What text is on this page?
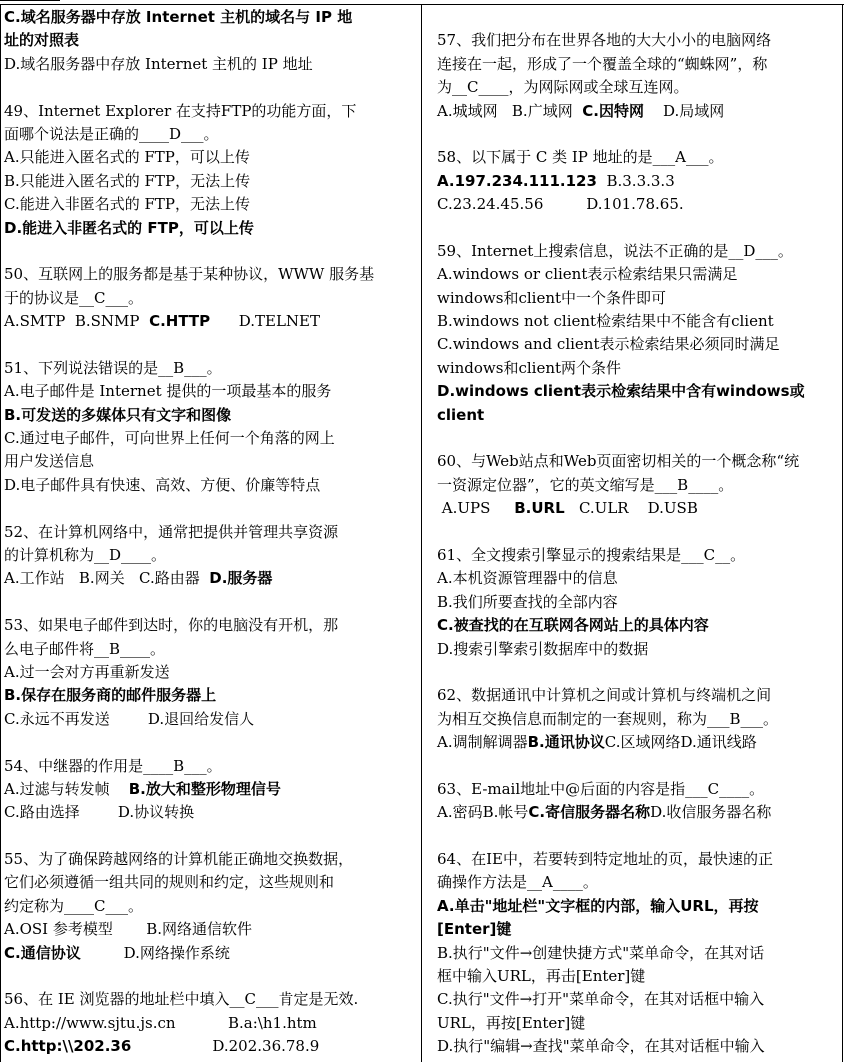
C.域名服务器中存放 Internet 主机的域名与 IP 地
址的对照表
D.域名服务器中存放 Internet 主机的 IP 地址
49、Internet Explorer 在支持FTP的功能方面，下
面哪个说法是正确的____D___。
A.只能进入匿名式的 FTP，可以上传
B.只能进入匿名式的 FTP，无法上传
C.能进入非匿名式的 FTP，无法上传
D.能进入非匿名式的 FTP，可以上传
50、互联网上的服务都是基于某种协议，WWW 服务基
于的协议是__C___。
A.SMTP  B.SNMP  C.HTTP      D.TELNET
51、下列说法错误的是__B___。
A.电子邮件是 Internet 提供的一项最基本的服务
B.可发送的多媒体只有文字和图像
C.通过电子邮件，可向世界上任何一个角落的网上
用户发送信息
D.电子邮件具有快速、高效、方便、价廉等特点
52、在计算机网络中，通常把提供并管理共享资源
的计算机称为__D____。
A.工作站   B.网关   C.路由器  D.服务器
53、如果电子邮件到达时，你的电脑没有开机，那
么电子邮件将__B____。
A.过一会对方再重新发送
B.保存在服务商的邮件服务器上
C.永远不再发送        D.退回给发信人
54、中继器的作用是____B___。
A.过滤与转发帧    B.放大和整形物理信号
C.路由选择        D.协议转换
55、为了确保跨越网络的计算机能正确地交换数据，
它们必须遵循一组共同的规则和约定，这些规则和
约定称为____C___。
A.OSI 参考模型       B.网络通信软件
C.通信协议         D.网络操作系统
56、在 IE 浏览器的地址栏中填入__C___肯定是无效.
A.http://www.sjtu.js.cn           B.a:\h1.htm
C.http:\\202.36                 D.202.36.78.9
57、我们把分布在世界各地的大大小小的电脑网络
连接在一起，形成了一个覆盖全球的“蜘蛛网”，称
为__C____，为网际网或全球互连网。
A.城域网   B.广域网  C.因特网    D.局域网
58、以下属于 C 类 IP 地址的是___A___。
A.197.234.111.123  B.3.3.3.3
C.23.24.45.56         D.101.78.65.
59、Internet上搜索信息，说法不正确的是__D___。
A.windows or client表示检索结果只需满足
windows和client中一个条件即可
B.windows not client检索结果中不能含有client
C.windows and client表示检索结果必须同时满足
windows和client两个条件
D.windows client表示检索结果中含有windows或
client
60、与Web站点和Web页面密切相关的一个概念称“统
一资源定位器”，它的英文缩写是___B____。
A.UPS     B.URL   C.ULR    D.USB
61、全文搜索引擎显示的搜索结果是___C__。
A.本机资源管理器中的信息
B.我们所要查找的全部内容
C.被查找的在互联网各网站上的具体内容
D.搜索引擎索引数据库中的数据
62、数据通讯中计算机之间或计算机与终端机之间
为相互交换信息而制定的一套规则，称为___B___。
A.调制解调器B.通讯协议C.区域网络D.通讯线路
63、E-mail地址中@后面的内容是指___C____。
A.密码B.帐号C.寄信服务器名称D.收信服务器名称
64、在IE中，若要转到特定地址的页，最快速的正
确操作方法是__A____。
A.单击"地址栏"文字框的内部，输入URL，再按
[Enter]键
B.执行"文件→创建快捷方式"菜单命令，在其对话
框中输入URL，再击[Enter]键
C.执行"文件→打开"菜单命令，在其对话框中输入
URL，再按[Enter]键
D.执行"编辑→查找"菜单命令，在其对话框中输入
